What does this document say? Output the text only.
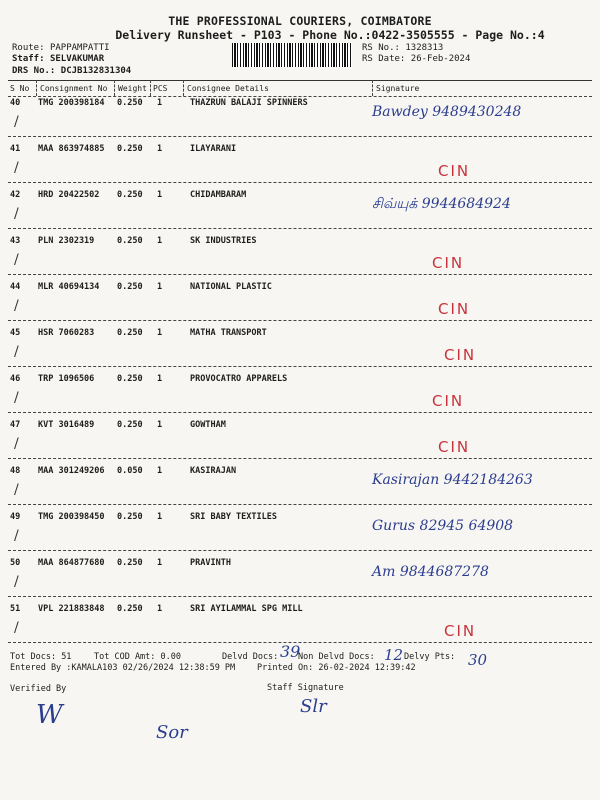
THE PROFESSIONAL COURIERS, COIMBATORE
Delivery Runsheet - P103 - Phone No.:0422-3505555 - Page No.:4
Route: PAPPAMPATTI
Staff: SELVAKUMAR
DRS No.: DCJB132831304
RS No.: 1328313
RS Date: 26-Feb-2024
S No Consignment No Weight PCS Consignee Details	Signature
40 TMG 200398184 0.250 1	THAZRUN BALAJI SPINNERS
/
Bawdey 9489430248
41 MAA 863974885 0.250 1	ILAYARANI
/	CIN
42 HRD 20422502 0.250 1	CHIDAMBARAM
/
சிவ்யுக் 9944684924
43 PLN 2302319	0.250 1	SK INDUSTRIES
/	CIN
44 MLR 40694134 0.250 1	NATIONAL PLASTIC
/	CIN
45 HSR 7060283	0.250 1	MATHA TRANSPORT
/	CIN
46 TRP 1096506	0.250 1	PROVOCATRO APPARELS
/	CIN
47 KVT 3016489	0.250 1	GOWTHAM
/	CIN
48 MAA 301249206 0.050 1	KASIRAJAN
/
Kasirajan 9442184263
49 TMG 200398450 0.250 1	SRI BABY TEXTILES
/
Gurus 82945 64908
50 MAA 864877680 0.250 1	PRAVINTH
/
Am 9844687278
51 VPL 221883848 0.250 1	SRI AYILAMMAL SPG MILL
/	CIN
Tot Docs: 51	Tot COD Amt: 0.00	Delvd Docs: 39
Non Delvd Docs: 12 Delvy Pts: 30
Entered By :KAMALA103 02/26/2024 12:38:59 PM	Printed On: 26-02-2024 12:39:42
Verified By	Staff Signature
W
Sor
Slr
